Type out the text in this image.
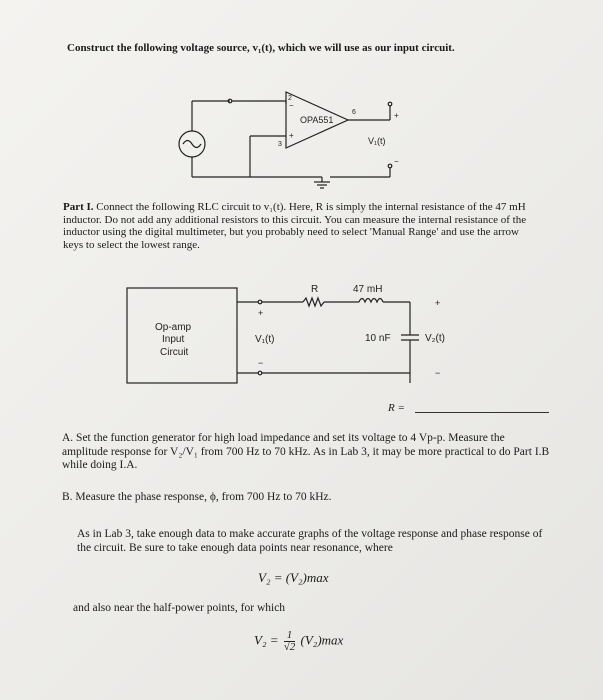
Construct the following voltage source, v₁(t), which we will use as our input circuit.
OPA551
2
3
6
−
+
+
−
V₁(t)
Part I. Connect the following RLC circuit to v₁(t). Here, R is simply the internal resistance of the 47 mH inductor. Do not add any additional resistors to this circuit. You can measure the internal resistance of the inductor using the digital multimeter, but you probably need to select 'Manual Range' and use the arrow keys to select the lowest range.
Op-amp
Input
Circuit
R	47 mH
10 nF
V₁(t)	V₂(t)
+
−
+
−
R =
A. Set the function generator for high load impedance and set its voltage to 4 Vp-p. Measure the amplitude response for V₂/V₁ from 700 Hz to 70 kHz. As in Lab 3, it may be more practical to do Part I.B while doing I.A.
B. Measure the phase response, ϕ, from 700 Hz to 70 kHz.
As in Lab 3, take enough data to make accurate graphs of the voltage response and phase response of the circuit. Be sure to take enough data points near resonance, where
V₂ = (V₂)max
and also near the half-power points, for which
$V_2 = \frac{1}{√2} (V_2)\max$
